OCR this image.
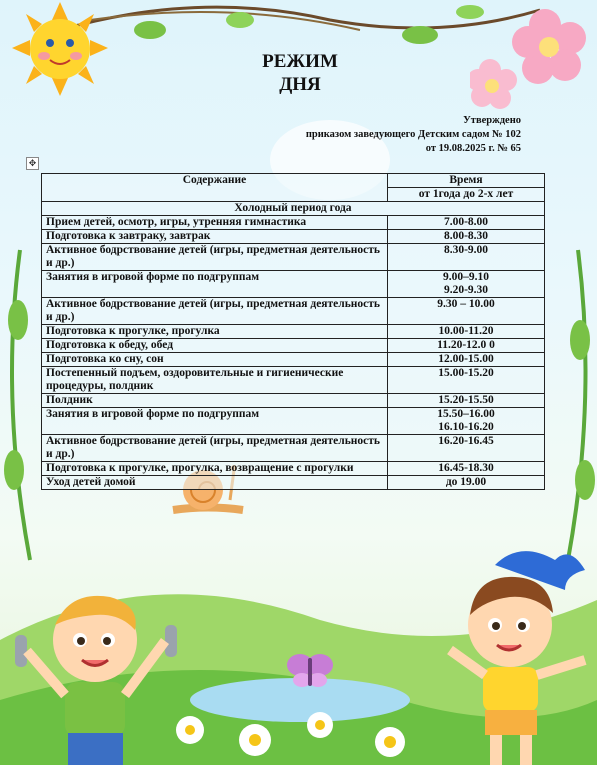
РЕЖИМ
ДНЯ
Утверждено
приказом заведующего Детским садом № 102
от 19.08.2025 г. № 65
✥
Содержание	Время
	от 1года до 2-х лет
Холодный период года	
Прием детей, осмотр, игры, утренняя гимнастика	7.00-8.00

Подготовка к завтраку, завтрак	8.00-8.30

Активное бодрствование детей (игры, предметная деятельность и др.)	8.30-9.00

Занятия в игровой форме по подгруппам	9.00–9.10
9.20-9.30

Активное бодрствование детей (игры, предметная деятельность и др.)	9.30 – 10.00

Подготовка к прогулке, прогулка	10.00-11.20

Подготовка к обеду, обед	11.20-12.0 0

Подготовка ко сну, сон	12.00-15.00

Постепенный подъем, оздоровительные и гигиенические процедуры, полдник	15.00-15.20

Полдник	15.20-15.50

Занятия в игровой форме по подгруппам	15.50–16.00
16.10-16.20

Активное бодрствование детей (игры, предметная деятельность и др.)	16.20-16.45

Подготовка к прогулке, прогулка, возвращение с прогулки	16.45-18.30

Уход детей домой	до 19.00
